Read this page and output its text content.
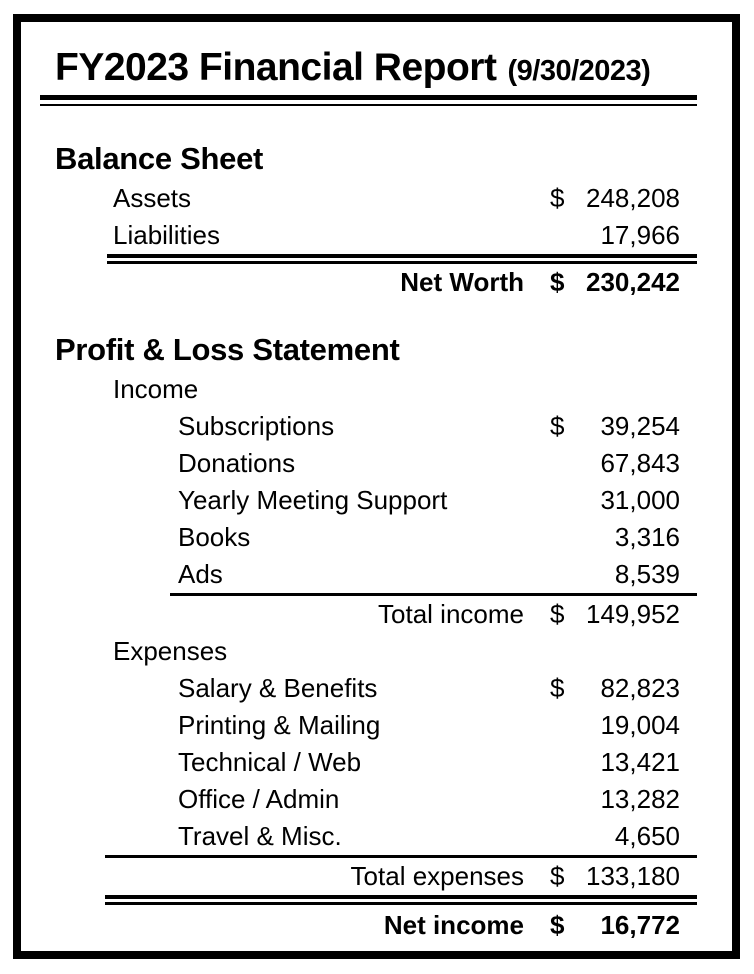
FY2023 Financial Report (9/30/2023)
Balance Sheet
Assets	$ 248,208
Liabilities	17,966
Net Worth	$ 230,242
Profit & Loss Statement
Income
Subscriptions	$ 39,254
Donations	67,843
Yearly Meeting Support	31,000
Books	3,316
Ads	8,539
Total income	$ 149,952
Expenses
Salary & Benefits	$ 82,823
Printing & Mailing	19,004
Technical / Web	13,421
Office / Admin	13,282
Travel & Misc.	4,650
Total expenses	$ 133,180
Net income	$ 16,772
